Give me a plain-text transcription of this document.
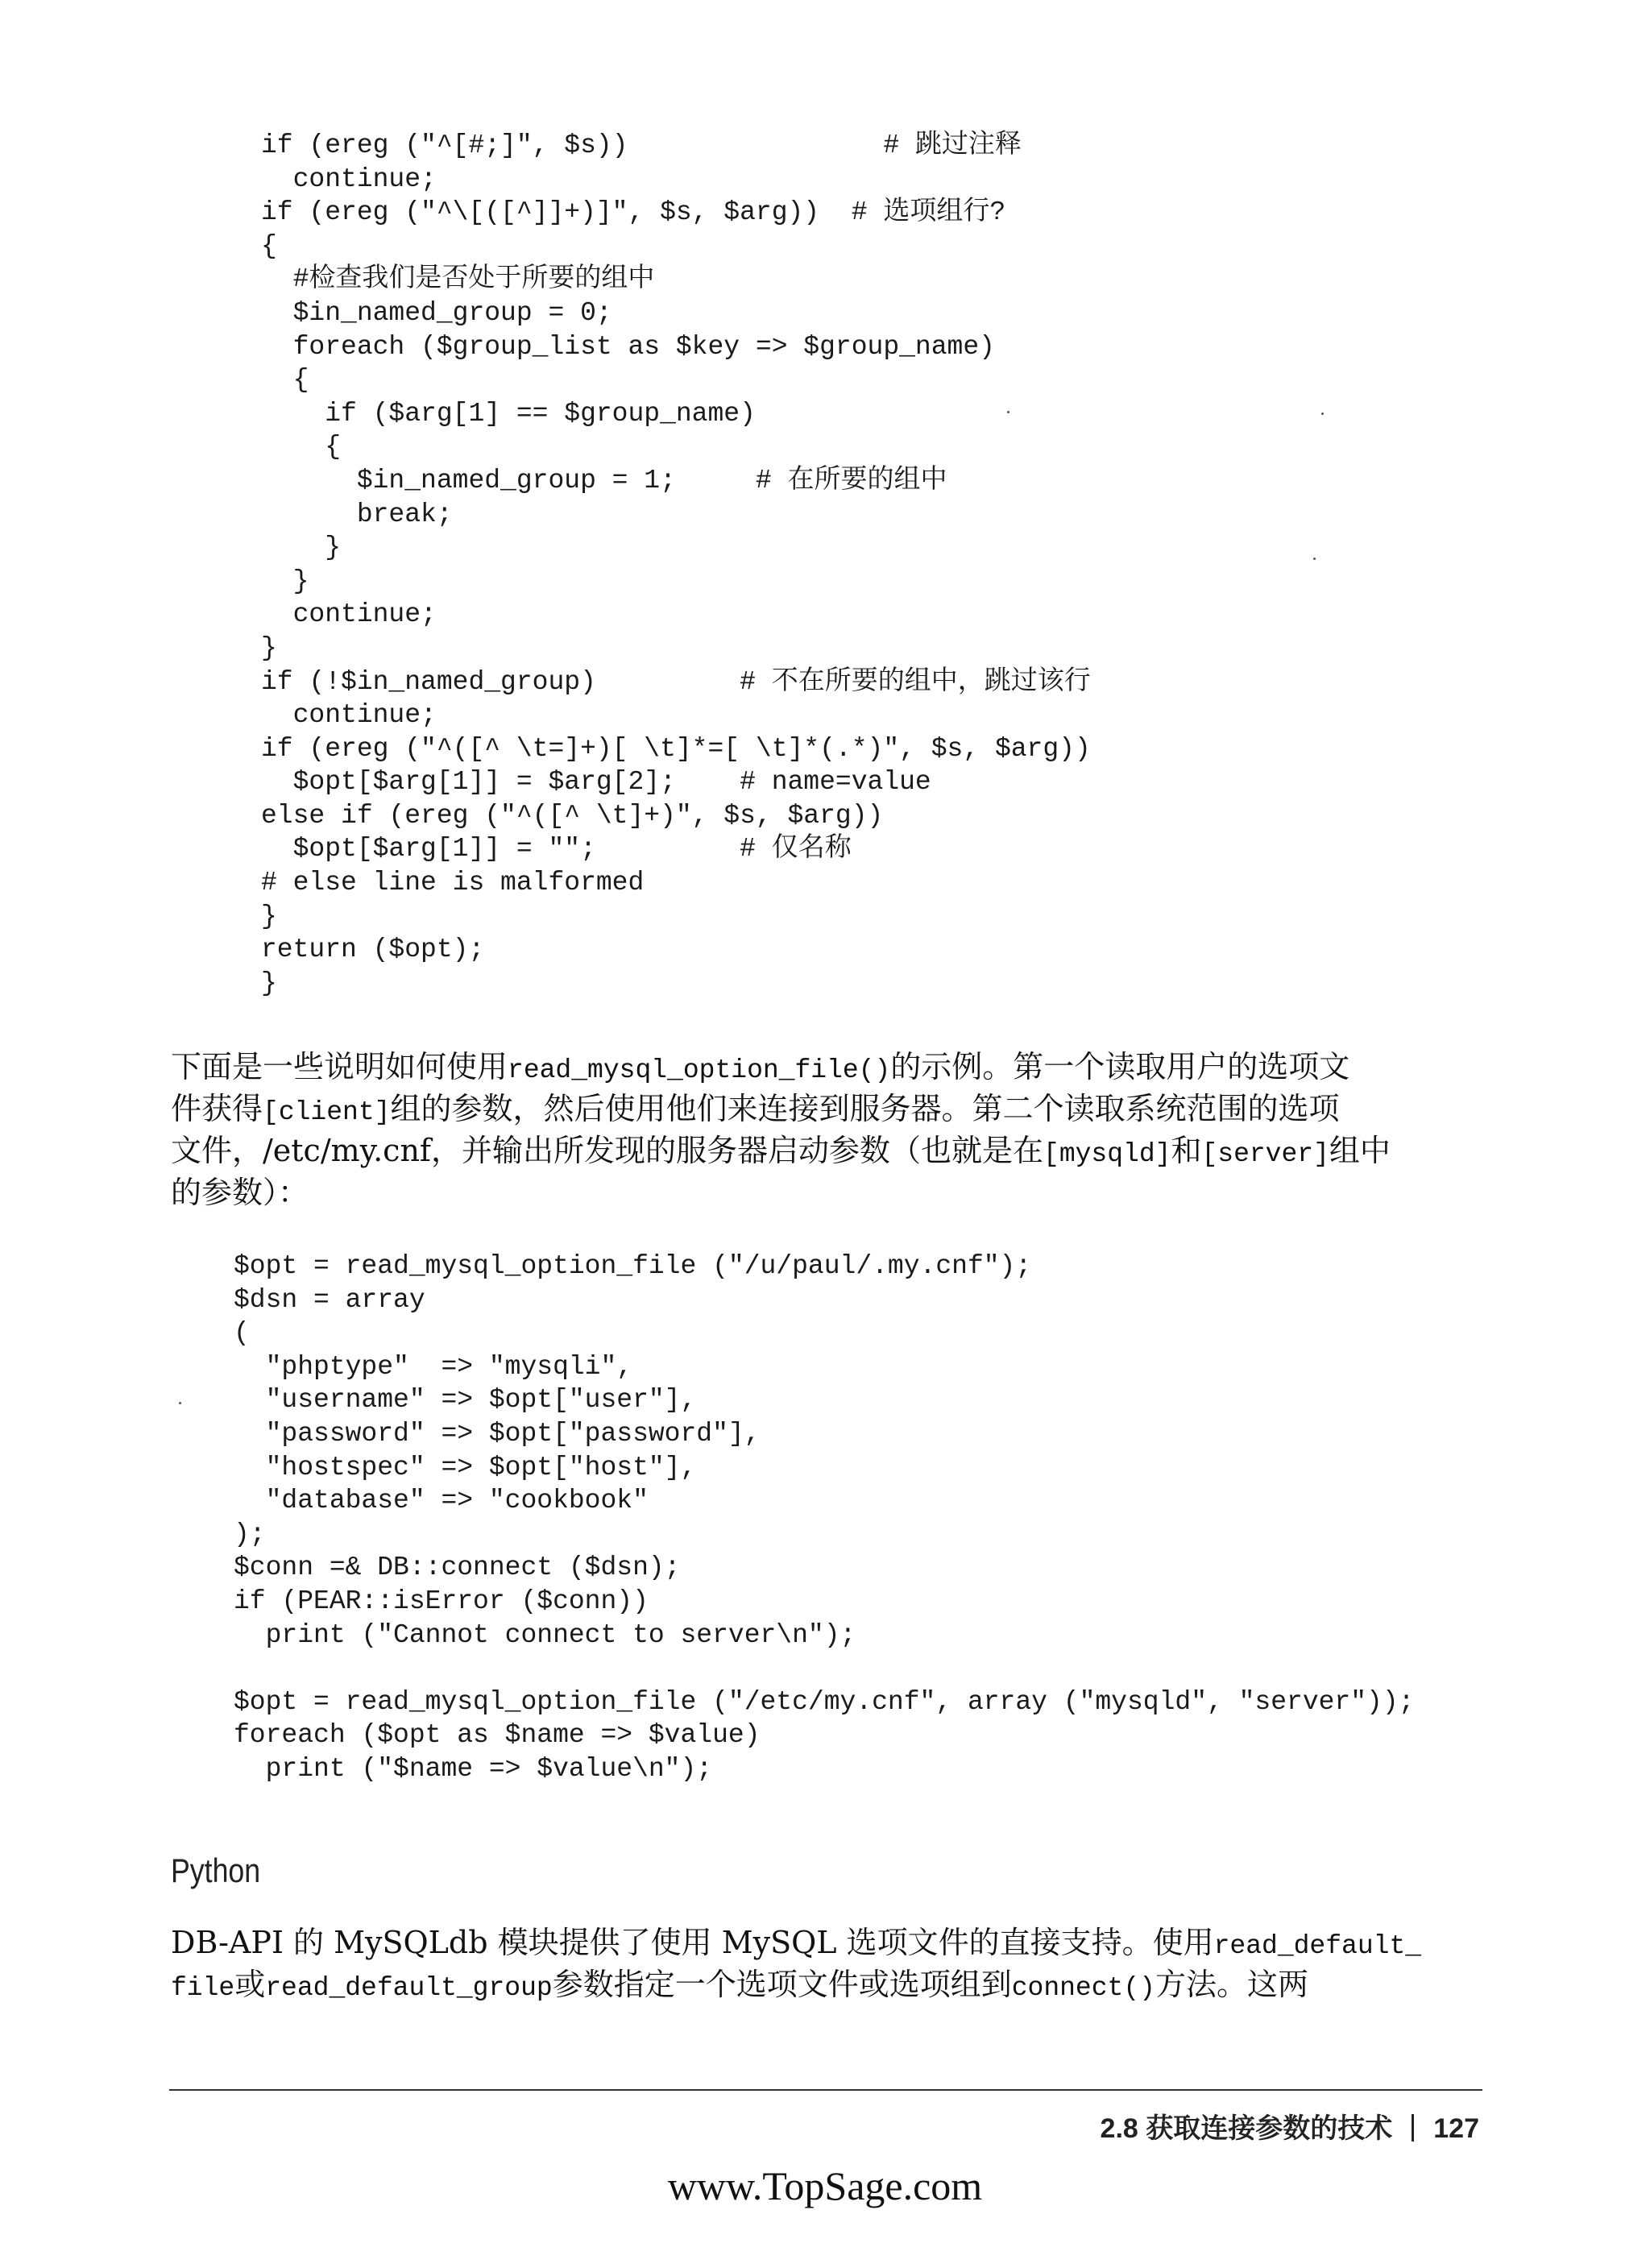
if (ereg ("^[#;]", $s))                # 跳过注释
continue;
if (ereg ("^\[([^]]+)]", $s, $arg))  # 选项组行?
{
#检查我们是否处于所要的组中
$in_named_group = 0;
foreach ($group_list as $key => $group_name)
{
if ($arg[1] == $group_name)
{
$in_named_group = 1;     # 在所要的组中
break;
}
}
continue;
}
if (!$in_named_group)         # 不在所要的组中，跳过该行
continue;
if (ereg ("^([^ \t=]+)[ \t]*=[ \t]*(.*)", $s, $arg))
$opt[$arg[1]] = $arg[2];    # name=value
else if (ereg ("^([^ \t]+)", $s, $arg))
$opt[$arg[1]] = "";         # 仅名称
# else line is malformed
}
return ($opt);
}
下面是一些说明如何使用read_mysql_option_file()的示例。第一个读取用户的选项文
件获得[client]组的参数，然后使用他们来连接到服务器。第二个读取系统范围的选项
文件，/etc/my.cnf，并输出所发现的服务器启动参数（也就是在[mysqld]和[server]组中
的参数）：
$opt = read_mysql_option_file ("/u/paul/.my.cnf");
$dsn = array
(
"phptype"  => "mysqli",
"username" => $opt["user"],
"password" => $opt["password"],
"hostspec" => $opt["host"],
"database" => "cookbook"
);
$conn =& DB::connect ($dsn);
if (PEAR::isError ($conn))
print ("Cannot connect to server\n");
$opt = read_mysql_option_file ("/etc/my.cnf", array ("mysqld", "server"));
foreach ($opt as $name => $value)
print ("$name => $value\n");
Python
DB-API 的 MySQLdb 模块提供了使用 MySQL 选项文件的直接支持。使用read_default_
file或read_default_group参数指定一个选项文件或选项组到connect()方法。这两
2.8 获取连接参数的技术 127
www.TopSage.com
